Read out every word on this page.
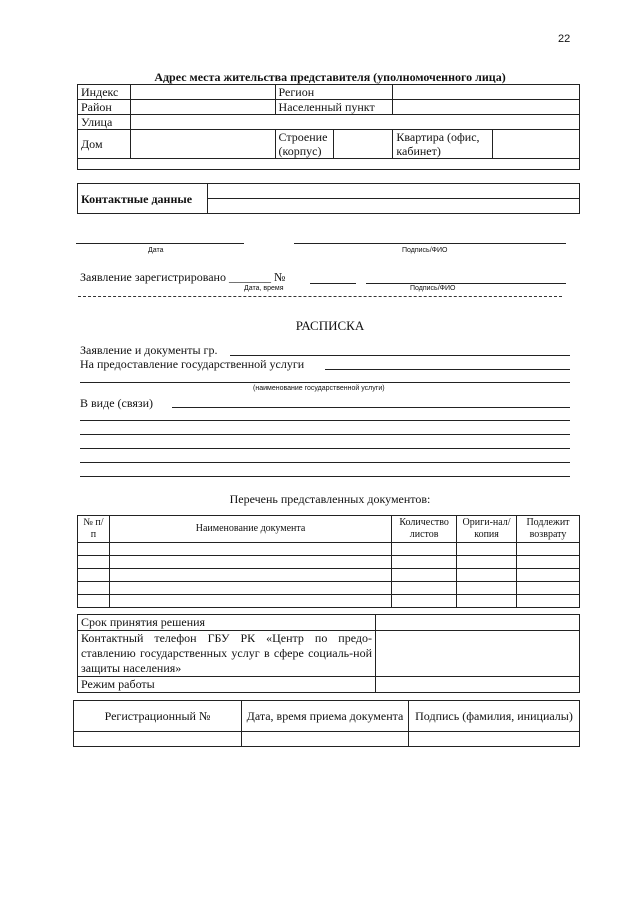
22
Адрес места жительства представителя (уполномоченного лица)
Индекс		Регион			
Район		Населенный пункт			
Улица					
Дом		Строение (корпус)		Квартира (офис, кабинет)	

Контактные данные	

Дата	Подпись/ФИО
Заявление зарегистрировано _______ №
Дата, время	Подпись/ФИО
РАСПИСКА
Заявление и документы гр.
На предоставление государственной услуги
(наименование государственной услуги)
В виде (связи)
Перечень представленных документов:
№ п/п	Наименование документа	Количество листов	Ориги-нал/копия	Подлежит возврату

Срок принятия решения	
Контактный телефон ГБУ РК «Центр по предо-ставлению государственных услуг в сфере социаль-ной защиты населения»	
Режим работы	
Регистрационный №	Дата, время приема документа	Подпись (фамилия, инициалы)
